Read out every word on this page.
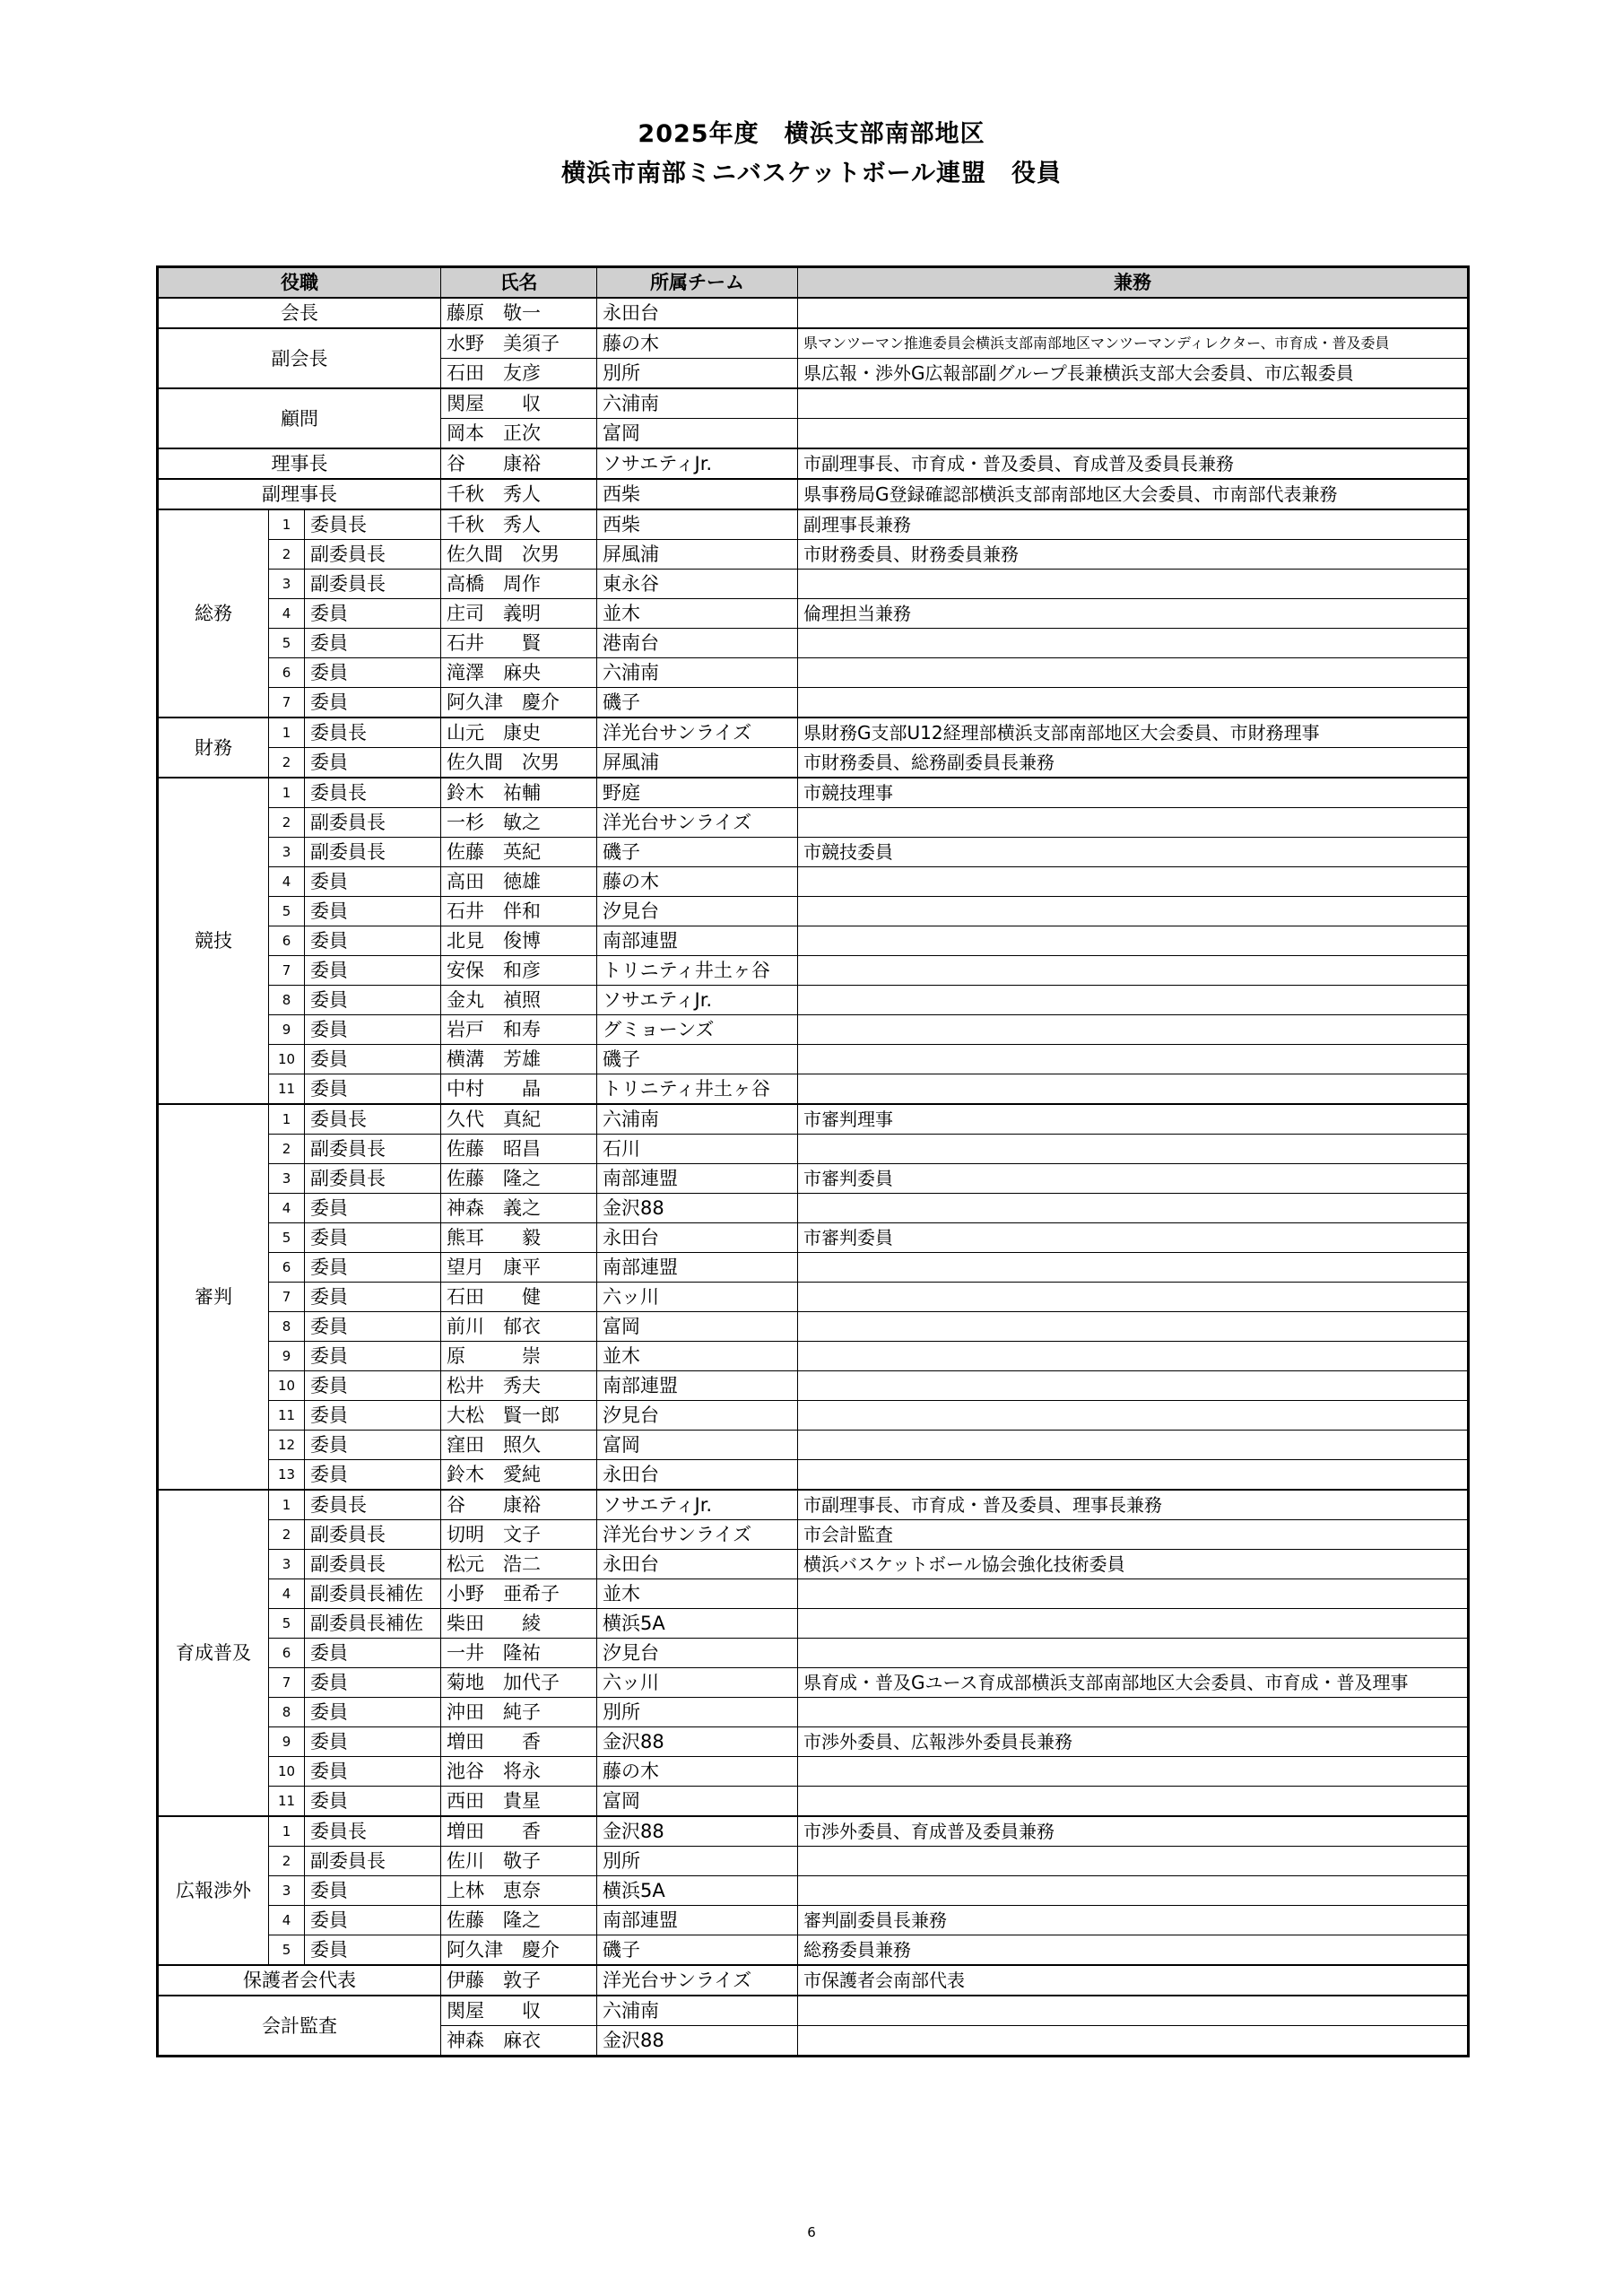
2025年度　横浜支部南部地区
横浜市南部ミニバスケットボール連盟　役員
役職			氏名	所属チーム	兼務
会長			藤原　敬一	永田台	
副会長			水野　美須子	藤の木	県マンツーマン推進委員会横浜支部南部地区マンツーマンディレクター、市育成・普及委員
			石田　友彦	別所	県広報・渉外G広報部副グループ長兼横浜支部大会委員、市広報委員
顧問			関屋　　収	六浦南	
			岡本　正次	富岡	
理事長			谷　　康裕	ソサエティJr.	市副理事長、市育成・普及委員、育成普及委員長兼務
副理事長			千秋　秀人	西柴	県事務局G登録確認部横浜支部南部地区大会委員、市南部代表兼務
総務	1	委員長	千秋　秀人	西柴	副理事長兼務
	2	副委員長	佐久間　次男	屏風浦	市財務委員、財務委員兼務
	3	副委員長	高橋　周作	東永谷	
	4	委員	庄司　義明	並木	倫理担当兼務
	5	委員	石井　　賢	港南台	
	6	委員	滝澤　麻央	六浦南	
	7	委員	阿久津　慶介	磯子	
財務	1	委員長	山元　康史	洋光台サンライズ	県財務G支部U12経理部横浜支部南部地区大会委員、市財務理事
	2	委員	佐久間　次男	屏風浦	市財務委員、総務副委員長兼務
競技	1	委員長	鈴木　祐輔	野庭	市競技理事
	2	副委員長	一杉　敏之	洋光台サンライズ	
	3	副委員長	佐藤　英紀	磯子	市競技委員
	4	委員	高田　徳雄	藤の木	
	5	委員	石井　伴和	汐見台	
	6	委員	北見　俊博	南部連盟	
	7	委員	安保　和彦	トリニティ井土ヶ谷	
	8	委員	金丸　禎照	ソサエティJr.	
	9	委員	岩戸　和寿	グミョーンズ	
	10	委員	横溝　芳雄	磯子	
	11	委員	中村　　晶	トリニティ井土ヶ谷	
審判	1	委員長	久代　真紀	六浦南	市審判理事
	2	副委員長	佐藤　昭昌	石川	
	3	副委員長	佐藤　隆之	南部連盟	市審判委員
	4	委員	神森　義之	金沢88	
	5	委員	熊耳　　毅	永田台	市審判委員
	6	委員	望月　康平	南部連盟	
	7	委員	石田　　健	六ッ川	
	8	委員	前川　郁衣	富岡	
	9	委員	原　　　崇	並木	
	10	委員	松井　秀夫	南部連盟	
	11	委員	大松　賢一郎	汐見台	
	12	委員	窪田　照久	富岡	
	13	委員	鈴木　愛純	永田台	
育成普及	1	委員長	谷　　康裕	ソサエティJr.	市副理事長、市育成・普及委員、理事長兼務
	2	副委員長	切明　文子	洋光台サンライズ	市会計監査
	3	副委員長	松元　浩二	永田台	横浜バスケットボール協会強化技術委員
	4	副委員長補佐	小野　亜希子	並木	
	5	副委員長補佐	柴田　　綾	横浜5A	
	6	委員	一井　隆祐	汐見台	
	7	委員	菊地　加代子	六ッ川	県育成・普及Gユース育成部横浜支部南部地区大会委員、市育成・普及理事
	8	委員	沖田　純子	別所	
	9	委員	増田　　香	金沢88	市渉外委員、広報渉外委員長兼務
	10	委員	池谷　将永	藤の木	
	11	委員	西田　貴星	富岡	
広報渉外	1	委員長	増田　　香	金沢88	市渉外委員、育成普及委員兼務
	2	副委員長	佐川　敬子	別所	
	3	委員	上林　恵奈	横浜5A	
	4	委員	佐藤　隆之	南部連盟	審判副委員長兼務
	5	委員	阿久津　慶介	磯子	総務委員兼務
保護者会代表			伊藤　敦子	洋光台サンライズ	市保護者会南部代表
会計監査			関屋　　収	六浦南	
			神森　麻衣	金沢88	
6
